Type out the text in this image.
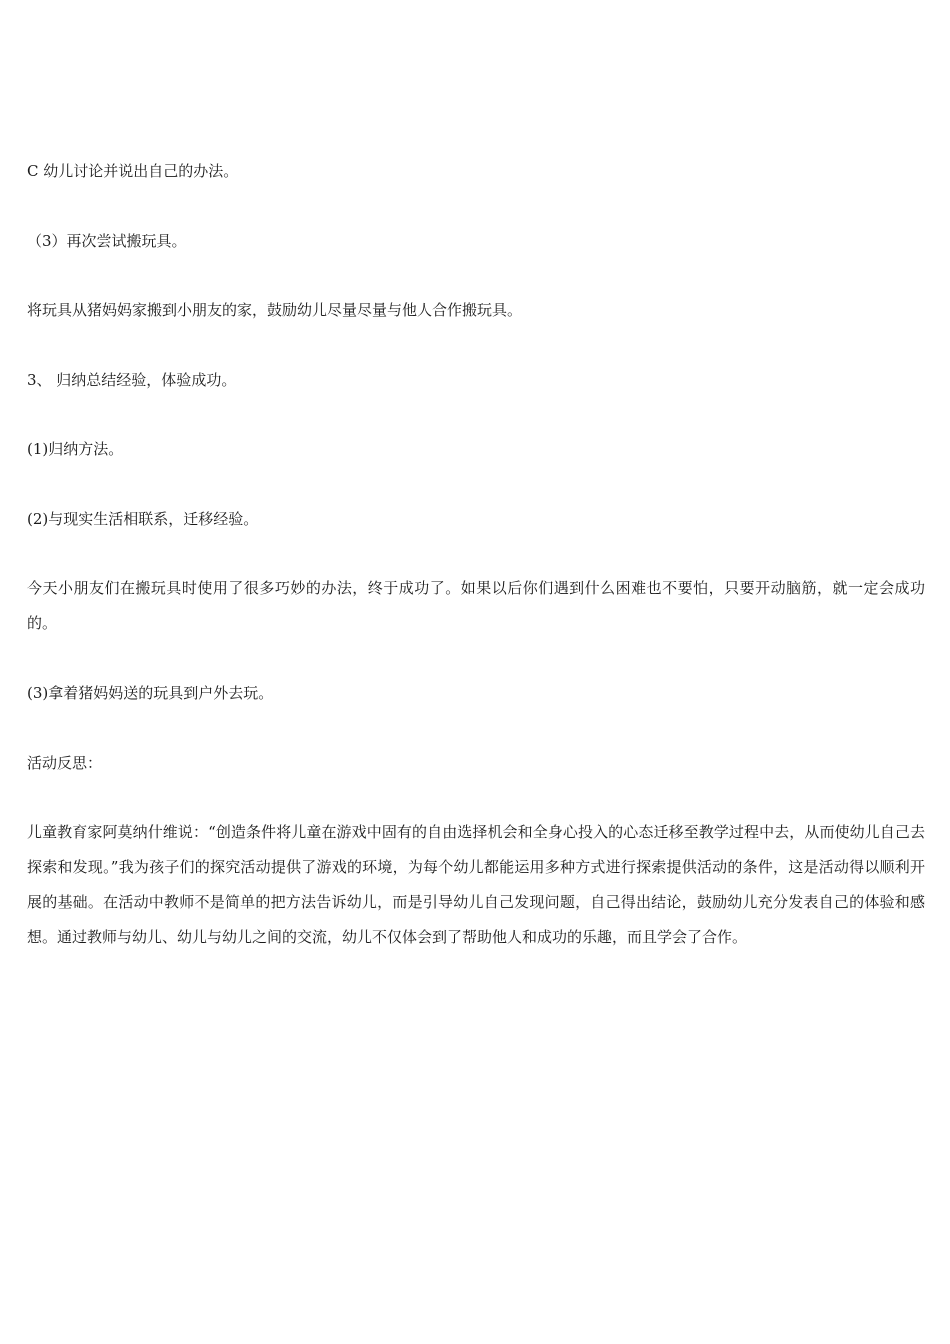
C 幼儿讨论并说出自己的办法。

（3）再次尝试搬玩具。

将玩具从猪妈妈家搬到小朋友的家，鼓励幼儿尽量尽量与他人合作搬玩具。

3、 归纳总结经验，体验成功。

(1)归纳方法。

(2)与现实生活相联系，迁移经验。

今天小朋友们在搬玩具时使用了很多巧妙的办法，终于成功了。如果以后你们遇到什么困难也不要怕，只要开动脑筋，就一定会成功的。

(3)拿着猪妈妈送的玩具到户外去玩。

活动反思：

儿童教育家阿莫纳什维说：“创造条件将儿童在游戏中固有的自由选择机会和全身心投入的心态迁移至教学过程中去，从而使幼儿自己去探索和发现。”我为孩子们的探究活动提供了游戏的环境，为每个幼儿都能运用多种方式进行探索提供活动的条件，这是活动得以顺利开展的基础。在活动中教师不是简单的把方法告诉幼儿，而是引导幼儿自己发现问题，自己得出结论，鼓励幼儿充分发表自己的体验和感想。通过教师与幼儿、幼儿与幼儿之间的交流，幼儿不仅体会到了帮助他人和成功的乐趣，而且学会了合作。
